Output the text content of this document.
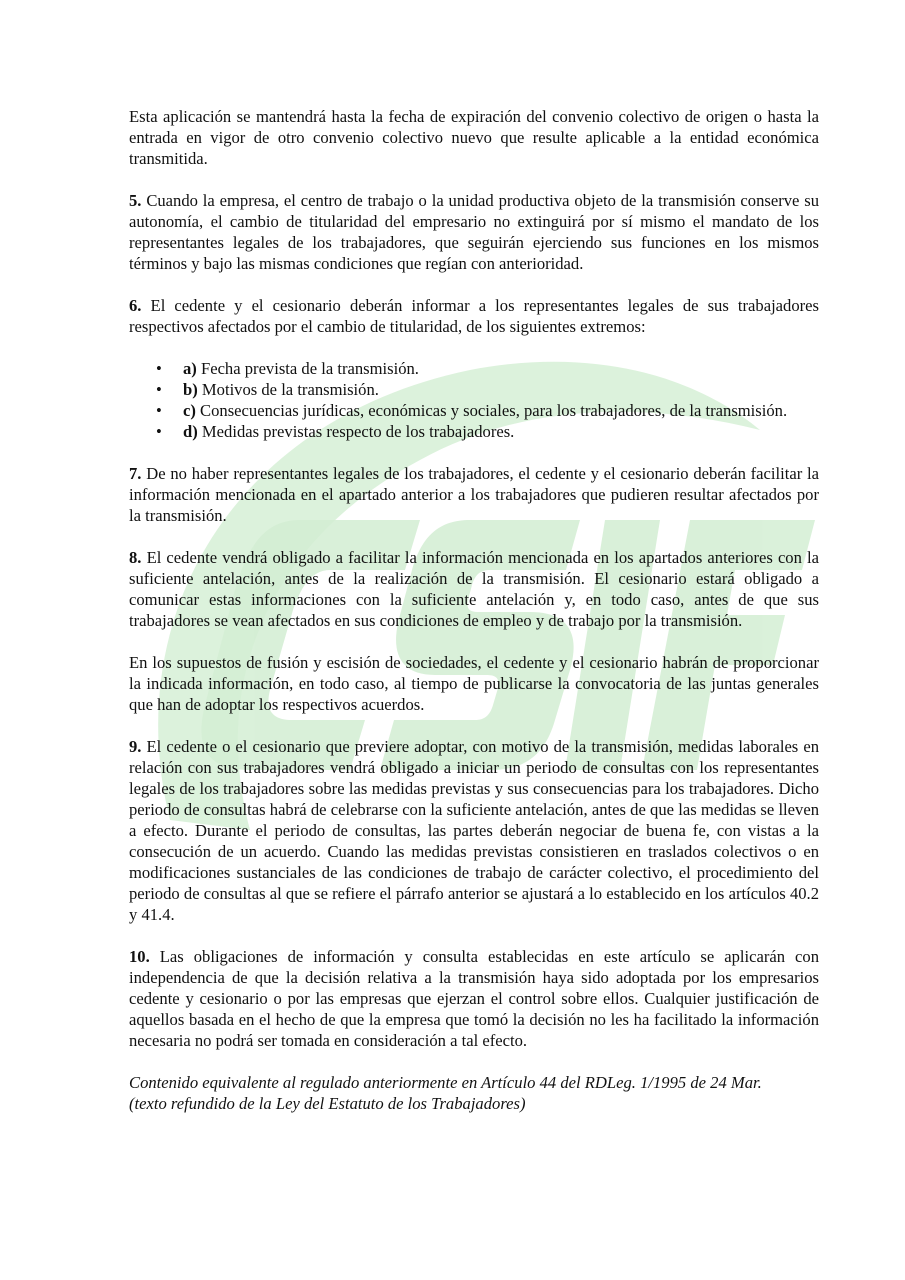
Esta aplicación se mantendrá hasta la fecha de expiración del convenio colectivo de origen o hasta la entrada en vigor de otro convenio colectivo nuevo que resulte aplicable a la entidad económica transmitida.

5. Cuando la empresa, el centro de trabajo o la unidad productiva objeto de la transmisión conserve su autonomía, el cambio de titularidad del empresario no extinguirá por sí mismo el mandato de los representantes legales de los trabajadores, que seguirán ejerciendo sus funciones en los mismos términos y bajo las mismas condiciones que regían con anterioridad.

6. El cedente y el cesionario deberán informar a los representantes legales de sus trabajadores respectivos afectados por el cambio de titularidad, de los siguientes extremos:

• a) Fecha prevista de la transmisión.
• b) Motivos de la transmisión.
• c) Consecuencias jurídicas, económicas y sociales, para los trabajadores, de la transmisión.
• d) Medidas previstas respecto de los trabajadores.

7. De no haber representantes legales de los trabajadores, el cedente y el cesionario deberán facilitar la información mencionada en el apartado anterior a los trabajadores que pudieren resultar afectados por la transmisión.

8. El cedente vendrá obligado a facilitar la información mencionada en los apartados anteriores con la suficiente antelación, antes de la realización de la transmisión. El cesionario estará obligado a comunicar estas informaciones con la suficiente antelación y, en todo caso, antes de que sus trabajadores se vean afectados en sus condiciones de empleo y de trabajo por la transmisión.

En los supuestos de fusión y escisión de sociedades, el cedente y el cesionario habrán de proporcionar la indicada información, en todo caso, al tiempo de publicarse la convocatoria de las juntas generales que han de adoptar los respectivos acuerdos.

9. El cedente o el cesionario que previere adoptar, con motivo de la transmisión, medidas laborales en relación con sus trabajadores vendrá obligado a iniciar un periodo de consultas con los representantes legales de los trabajadores sobre las medidas previstas y sus consecuencias para los trabajadores. Dicho periodo de consultas habrá de celebrarse con la suficiente antelación, antes de que las medidas se lleven a efecto. Durante el periodo de consultas, las partes deberán negociar de buena fe, con vistas a la consecución de un acuerdo. Cuando las medidas previstas consistieren en traslados colectivos o en modificaciones sustanciales de las condiciones de trabajo de carácter colectivo, el procedimiento del periodo de consultas al que se refiere el párrafo anterior se ajustará a lo establecido en los artículos 40.2 y 41.4.

10. Las obligaciones de información y consulta establecidas en este artículo se aplicarán con independencia de que la decisión relativa a la transmisión haya sido adoptada por los empresarios cedente y cesionario o por las empresas que ejerzan el control sobre ellos. Cualquier justificación de aquellos basada en el hecho de que la empresa que tomó la decisión no les ha facilitado la información necesaria no podrá ser tomada en consideración a tal efecto.

Contenido equivalente al regulado anteriormente en Artículo 44 del RDLeg. 1/1995 de 24 Mar.
(texto refundido de la Ley del Estatuto de los Trabajadores)
